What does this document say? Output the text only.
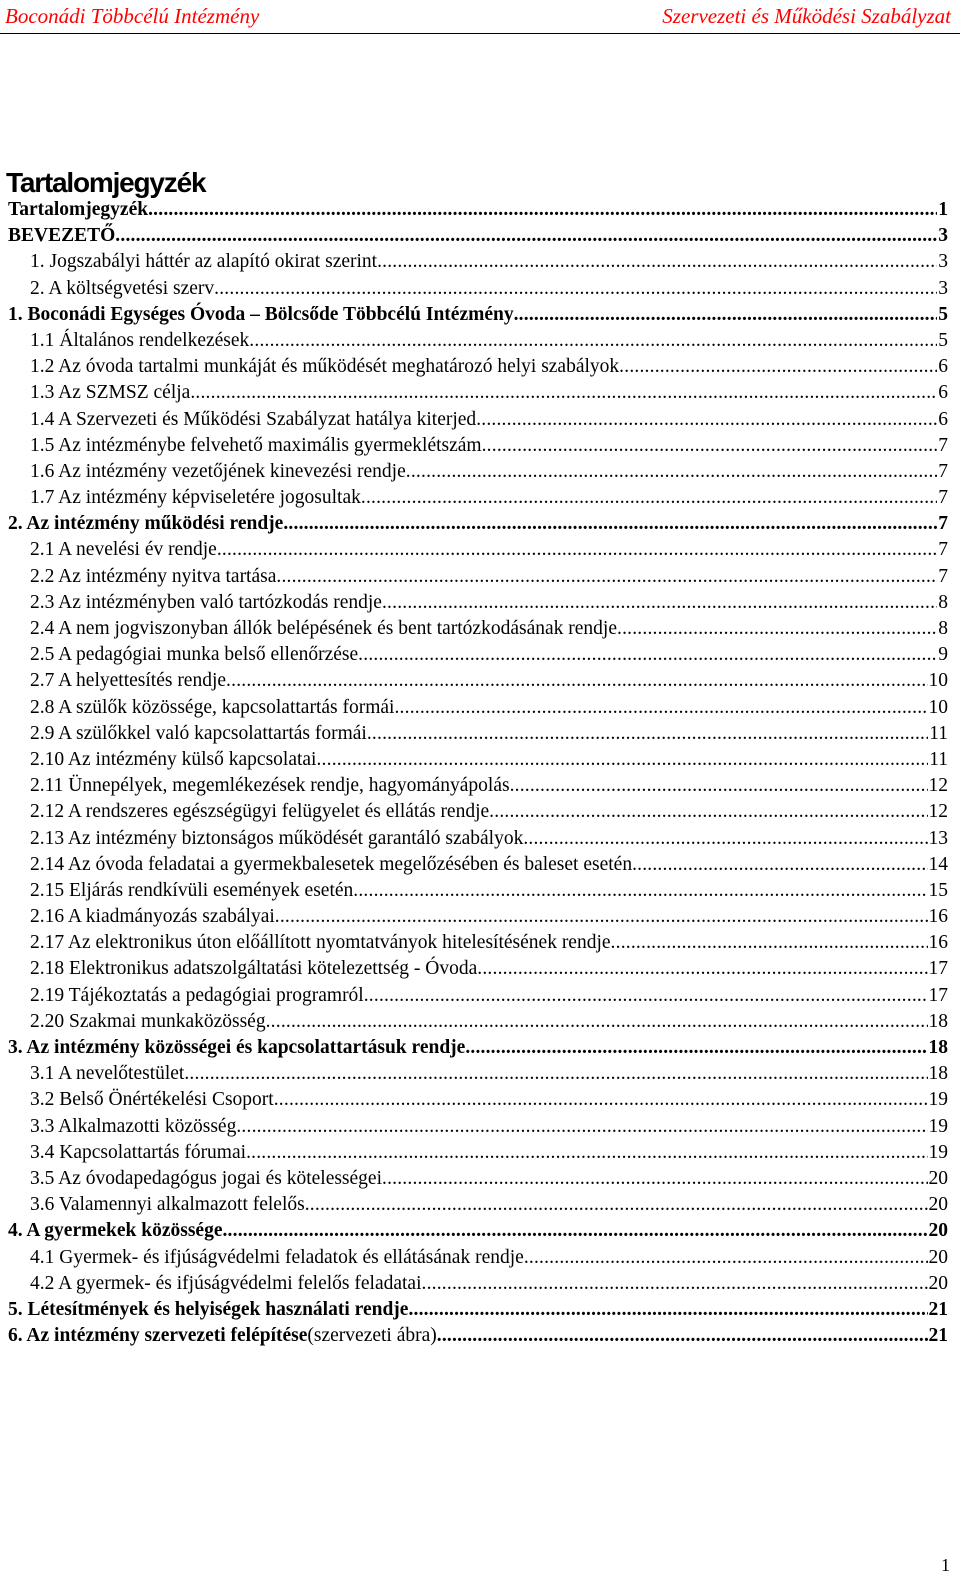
Boconádi Többcélú Intézmény	Szervezeti és Működési Szabályzat
Tartalomjegyzék
Tartalomjegyzék .....	1
BEVEZETŐ .....	3
1. Jogszabályi háttér az alapító okirat szerint .....	3
2. A költségvetési szerv .....	3
1. Boconádi Egységes Óvoda – Bölcsőde Többcélú Intézmény .....	5
1.1 Általános rendelkezések .....	5
1.2 Az óvoda tartalmi munkáját és működését meghatározó helyi szabályok .....	6
1.3 Az SZMSZ célja .....	6
1.4 A Szervezeti és Működési Szabályzat hatálya kiterjed .....	6
1.5 Az intézménybe felvehető maximális gyermeklétszám .....	7
1.6 Az intézmény vezetőjének kinevezési rendje .....	7
1.7 Az intézmény képviseletére jogosultak .....	7
2. Az intézmény működési rendje .....	7
2.1 A nevelési év rendje .....	7
2.2 Az intézmény nyitva tartása .....	7
2.3 Az intézményben való tartózkodás rendje .....	8
2.4 A nem jogviszonyban állók belépésének és bent tartózkodásának rendje .....	8
2.5 A pedagógiai munka belső ellenőrzése .....	9
2.7 A helyettesítés rendje .....	10
2.8 A szülők közössége, kapcsolattartás formái .....	10
2.9 A szülőkkel való kapcsolattartás formái .....	11
2.10 Az intézmény külső kapcsolatai .....	11
2.11 Ünnepélyek, megemlékezések rendje, hagyományápolás .....	12
2.12 A rendszeres egészségügyi felügyelet és ellátás rendje .....	12
2.13 Az intézmény biztonságos működését garantáló szabályok .....	13
2.14 Az óvoda feladatai a gyermekbalesetek megelőzésében és baleset esetén .....	14
2.15 Eljárás rendkívüli események esetén .....	15
2.16 A kiadmányozás szabályai .....	16
2.17 Az elektronikus úton előállított nyomtatványok hitelesítésének rendje .....	16
2.18 Elektronikus adatszolgáltatási kötelezettség - Óvoda .....	17
2.19 Tájékoztatás a pedagógiai programról .....	17
2.20 Szakmai munkaközösség .....	18
3. Az intézmény közösségei és kapcsolattartásuk rendje .....	18
3.1 A nevelőtestület .....	18
3.2 Belső Önértékelési Csoport .....	19
3.3 Alkalmazotti közösség .....	19
3.4 Kapcsolattartás fórumai .....	19
3.5 Az óvodapedagógus jogai és kötelességei .....	20
3.6 Valamennyi alkalmazott felelős .....	20
4. A gyermekek közössége .....	20
4.1 Gyermek- és ifjúságvédelmi feladatok és ellátásának rendje .....	20
4.2 A gyermek- és ifjúságvédelmi felelős feladatai .....	20
5. Létesítmények és helyiségek használati rendje .....	21
6. Az intézmény szervezeti felépítése (szervezeti ábra) .....	21
1
